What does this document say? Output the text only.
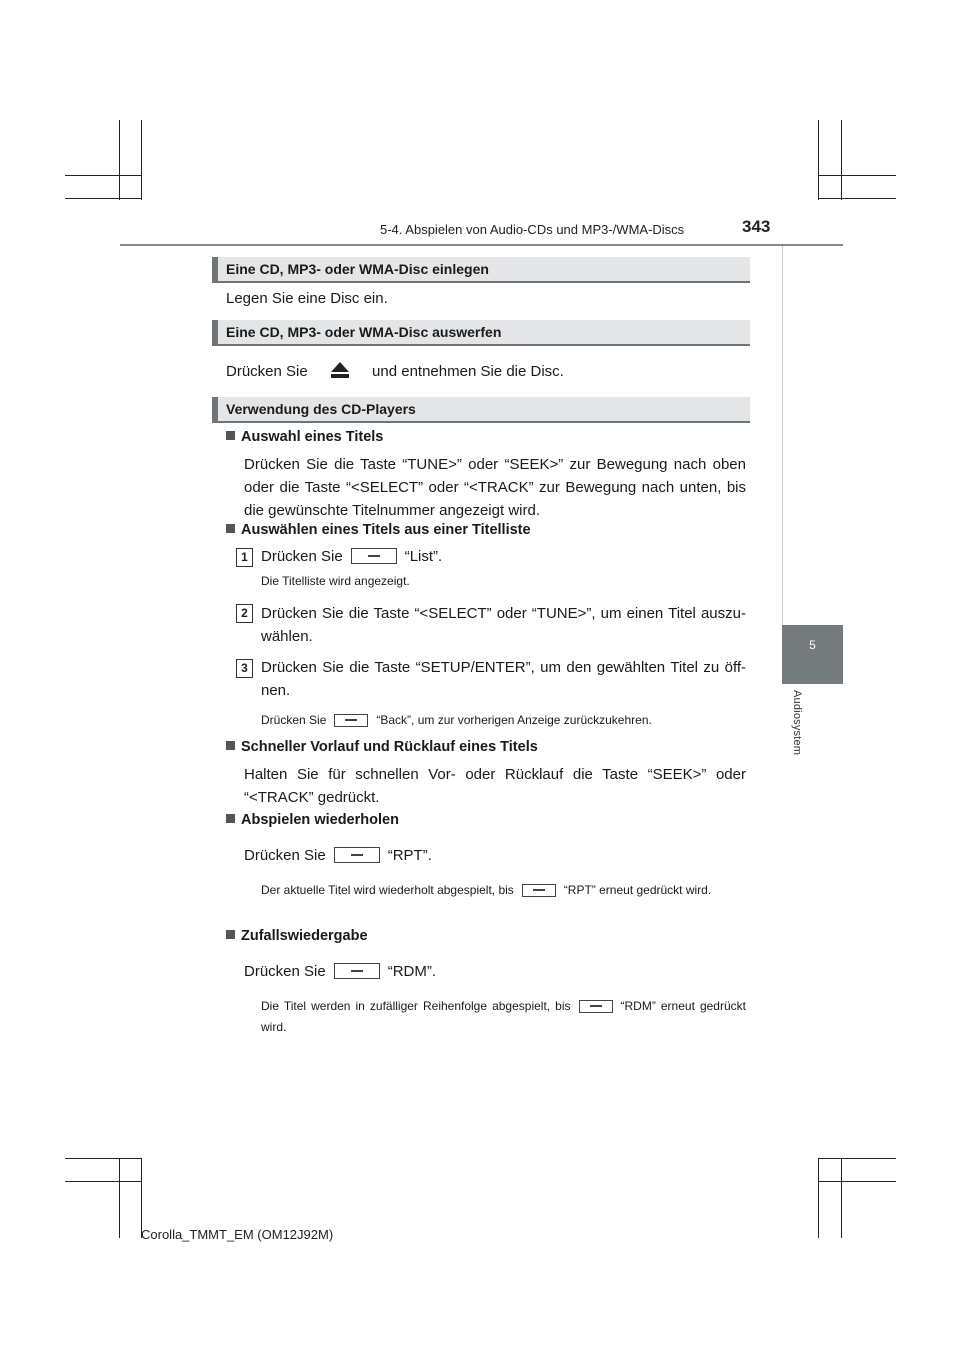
5-4. Abspielen von Audio-CDs und MP3-/WMA-Discs	343
5
Audiosystem
Eine CD, MP3- oder WMA-Disc einlegen
Legen Sie eine Disc ein.
Eine CD, MP3- oder WMA-Disc auswerfen
Drücken Sie	und entnehmen Sie die Disc.
Verwendung des CD-Players
Auswahl eines Titels
Drücken Sie die Taste “TUNE>” oder “SEEK>” zur Bewegung nach oben oder die Taste “<SELECT” oder “<TRACK” zur Bewegung nach unten, bis die gewünschte Titelnummer angezeigt wird.
Auswählen eines Titels aus einer Titelliste
1 Drücken Sie	“List”.
Die Titelliste wird angezeigt.
2 Drücken Sie die Taste “<SELECT” oder “TUNE>”, um einen Titel auszu-wählen.
3 Drücken Sie die Taste “SETUP/ENTER”, um den gewählten Titel zu öff-nen.
Drücken Sie	“Back”, um zur vorherigen Anzeige zurückzukehren.
Schneller Vorlauf und Rücklauf eines Titels
Halten Sie für schnellen Vor- oder Rücklauf die Taste “SEEK>” oder “<TRACK” gedrückt.
Abspielen wiederholen
Drücken Sie	“RPT”.
Der aktuelle Titel wird wiederholt abgespielt, bis	“RPT” erneut gedrückt wird.
Zufallswiedergabe
Drücken Sie	“RDM”.
Die Titel werden in zufälliger Reihenfolge abgespielt, bis	“RDM” erneut gedrückt wird.
Corolla_TMMT_EM (OM12J92M)
